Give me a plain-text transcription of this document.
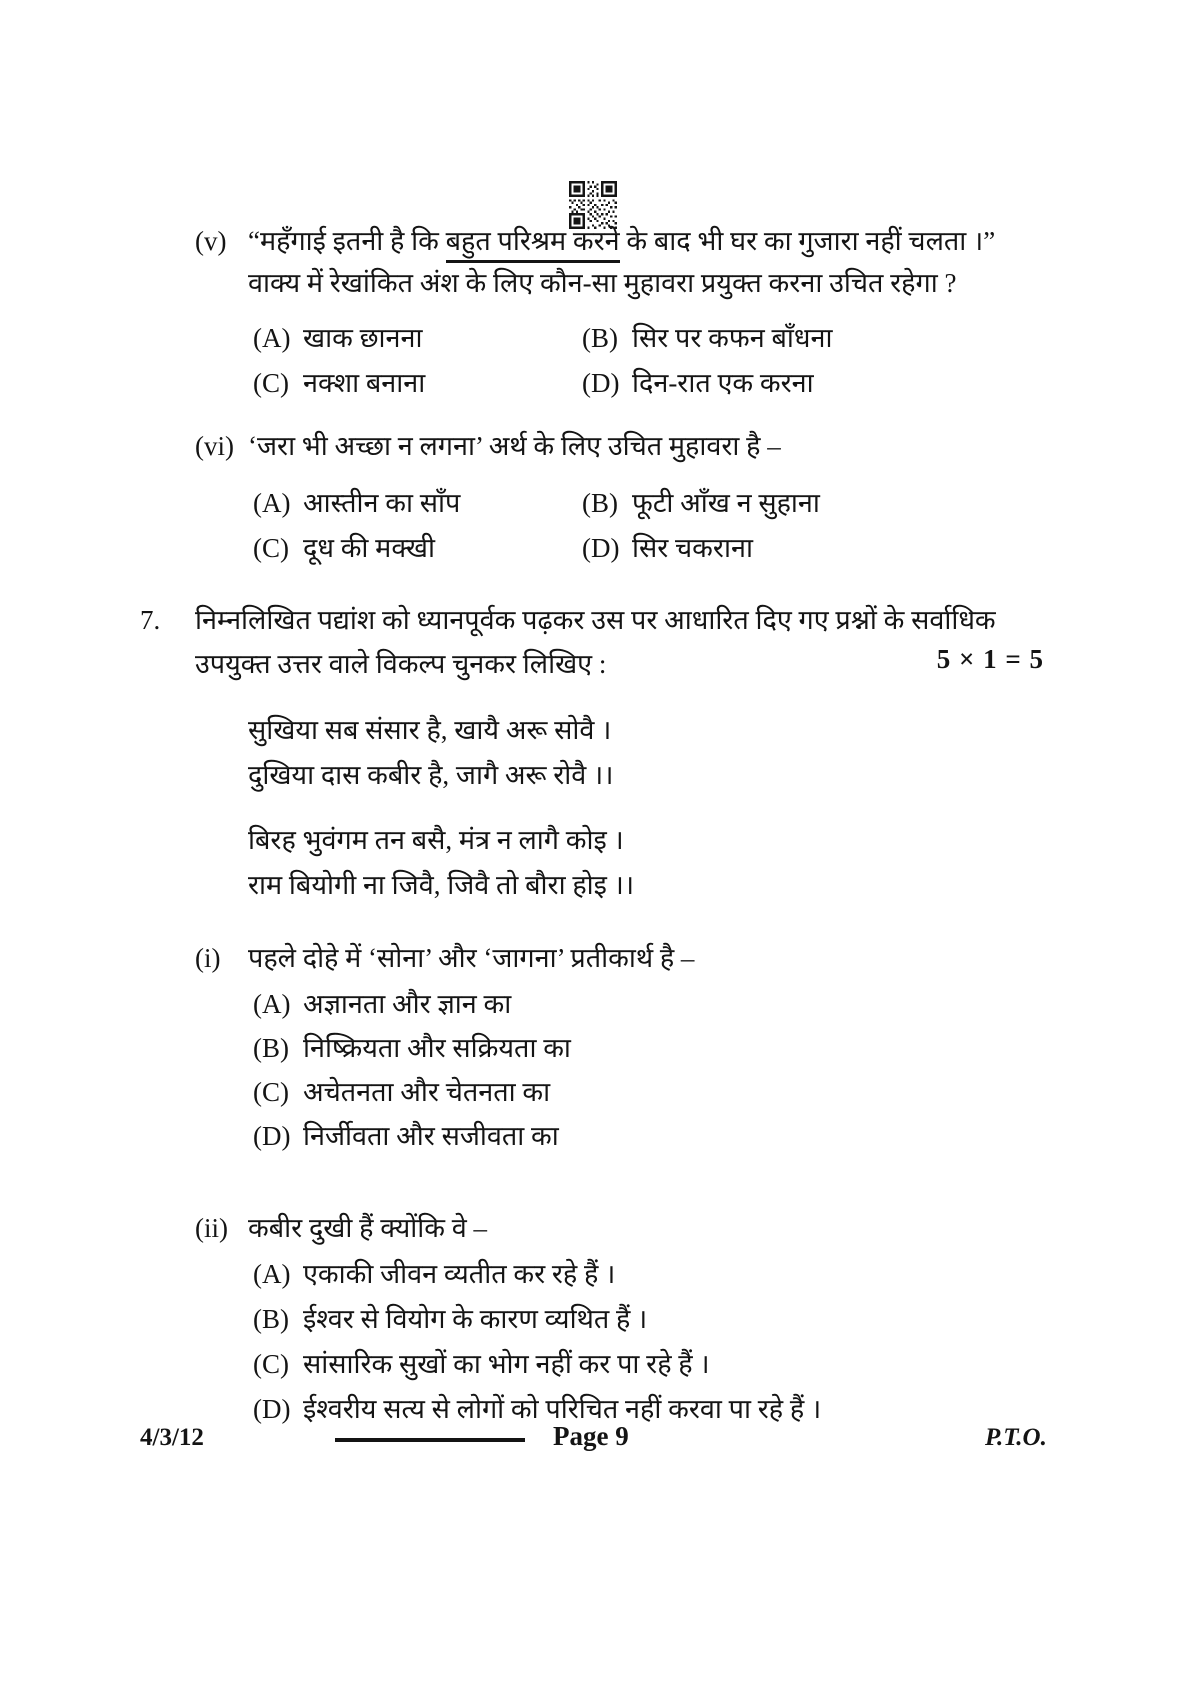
(v) “महँगाई इतनी है कि बहुत परिश्रम करने के बाद भी घर का गुजारा नहीं चलता ।” वाक्य में रेखांकित अंश के लिए कौन-सा मुहावरा प्रयुक्त करना उचित रहेगा ?
(A) खाक छानना	(B) सिर पर कफन बाँधना
(C) नक्शा बनाना	(D) दिन-रात एक करना
(vi) ‘जरा भी अच्छा न लगना’ अर्थ के लिए उचित मुहावरा है –
(A) आस्तीन का साँप	(B) फूटी आँख न सुहाना
(C) दूध की मक्खी	(D) सिर चकराना
5 × 1 = 5
7.	निम्नलिखित पद्यांश को ध्यानपूर्वक पढ़कर उस पर आधारित दिए गए प्रश्नों के सर्वाधिक उपयुक्त उत्तर वाले विकल्प चुनकर लिखिए :
सुखिया सब संसार है, खायै अरू सोवै ।
दुखिया दास कबीर है, जागै अरू रोवै ।।
बिरह भुवंगम तन बसै, मंत्र न लागै कोइ ।
राम बियोगी ना जिवै, जिवै तो बौरा होइ ।।
(i)	पहले दोहे में ‘सोना’ और ‘जागना’ प्रतीकार्थ है –
(A) अज्ञानता और ज्ञान का
(B) निष्क्रियता और सक्रियता का
(C) अचेतनता और चेतनता का
(D) निर्जीवता और सजीवता का
(ii) कबीर दुखी हैं क्योंकि वे –
(A) एकाकी जीवन व्यतीत कर रहे हैं ।
(B) ईश्वर से वियोग के कारण व्यथित हैं ।
(C) सांसारिक सुखों का भोग नहीं कर पा रहे हैं ।
(D) ईश्वरीय सत्य से लोगों को परिचित नहीं करवा पा रहे हैं ।
4/3/12	Page 9	P.T.O.
